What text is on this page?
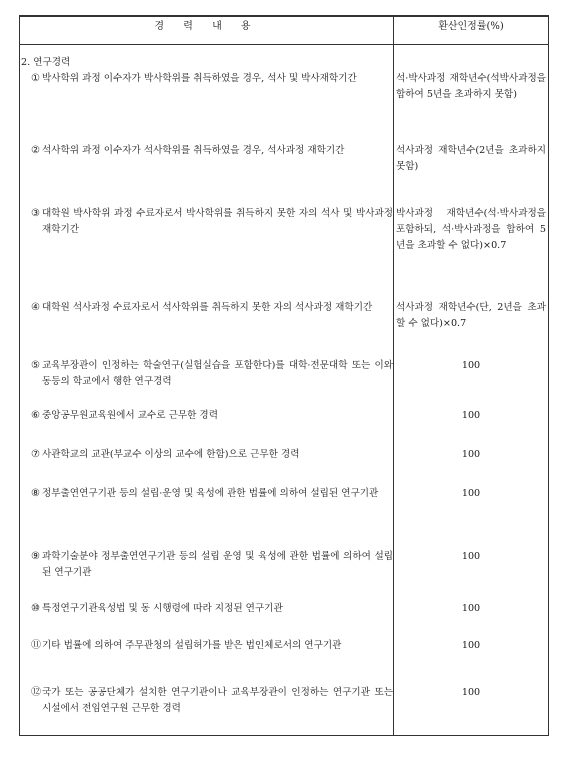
경 력 내 용	환산인정률(%)

2. 연구경력	

① 박사학위 과정 이수자가 박사학위를 취득하였을 경우, 석사 및 박사재학기간	석·박사과정 재학년수(석박사과정을 합하여 5년을 초과하지 못함)

② 석사학위 과정 이수자가 석사학위를 취득하였을 경우, 석사과정 재학기간	석사과정 재학년수(2년을 초과하지 못함)

③ 대학원 박사학위 과정 수료자로서 박사학위를 취득하지 못한 자의 석사 및 박사과정 재학기간	박사과정 재학년수(석·박사과정을 포함하되, 석·박사과정을 합하여 5년을 초과할 수 없다)×0.7

④ 대학원 석사과정 수료자로서 석사학위를 취득하지 못한 자의 석사과정 재학기간	석사과정 재학년수(단, 2년을 초과할 수 없다)×0.7

⑤ 교육부장관이 인정하는 학술연구(실험실습을 포함한다)를 대학·전문대학 또는 이와 동등의 학교에서 행한 연구경력	100

⑥ 중앙공무원교육원에서 교수로 근무한 경력	100

⑦ 사관학교의 교관(부교수 이상의 교수에 한함)으로 근무한 경력	100

⑧ 정부출연연구기관 등의 설립·운영 및 육성에 관한 법률에 의하여 설립된 연구기관	100

⑨ 과학기술분야 정부출연연구기관 등의 설립 운영 및 육성에 관한 법률에 의하여 설립된 연구기관	100

⑩ 특정연구기관육성법 및 동 시행령에 따라 지정된 연구기관	100

⑪ 기타 법률에 의하여 주무관청의 설립허가를 받은 법인체로서의 연구기관	100

⑫ 국가 또는 공공단체가 설치한 연구기관이나 교육부장관이 인정하는 연구기관 또는 시설에서 전임연구원 근무한 경력	100
